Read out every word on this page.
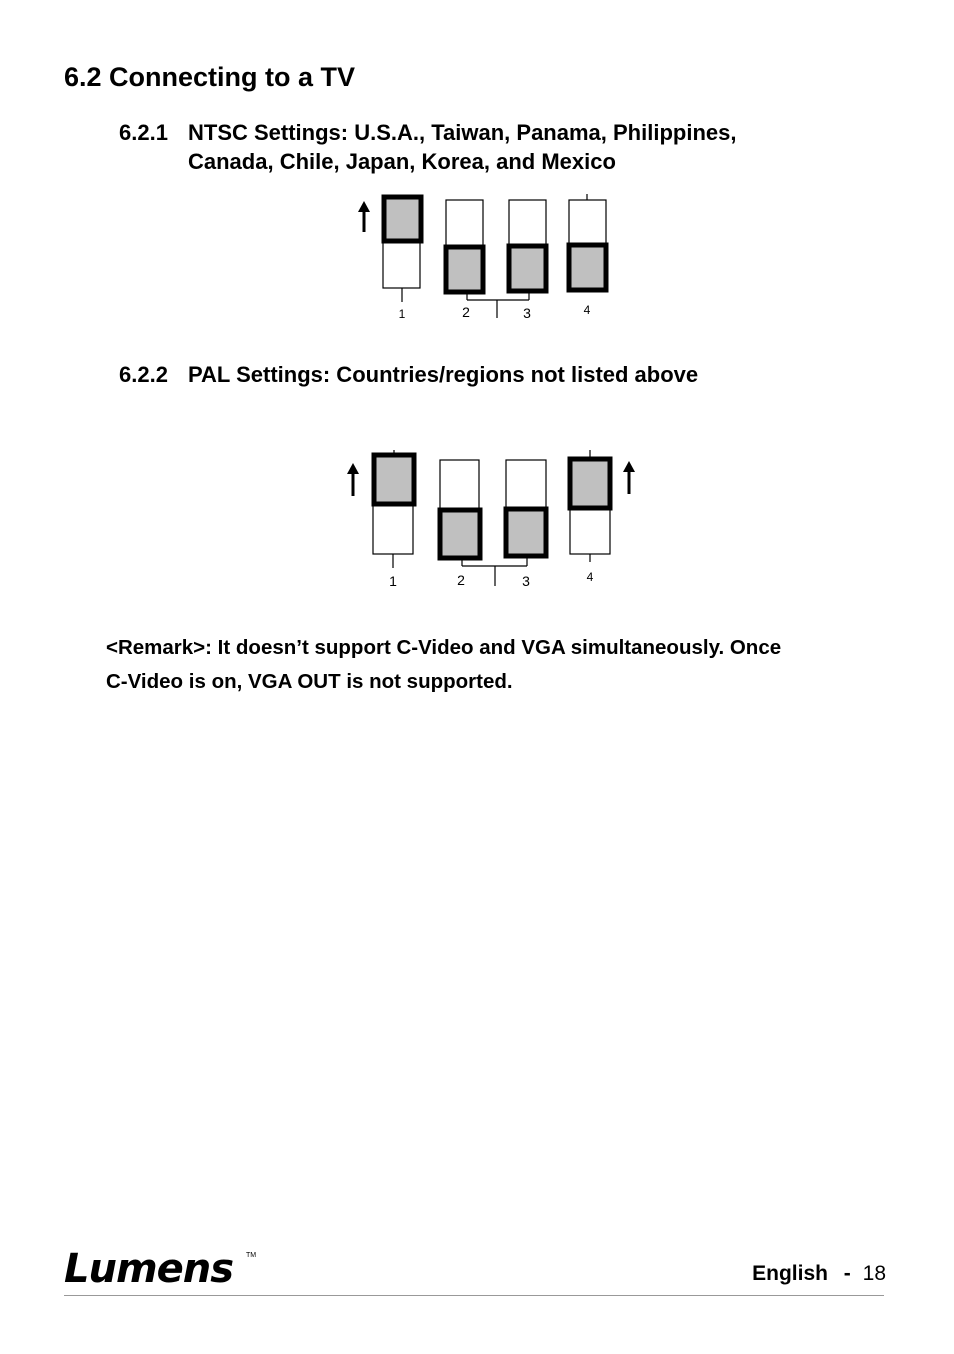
6.2 Connecting to a TV
6.2.1 NTSC Settings: U.S.A., Taiwan, Panama, Philippines,
Canada, Chile, Japan, Korea, and Mexico
1	2	3	4
6.2.2 PAL Settings: Countries/regions not listed above
1	2	3	4
<Remark>: It doesn’t support C-Video and VGA simultaneously. Once
C-Video is on, VGA OUT is not supported.
Lumens TM
English - 18
